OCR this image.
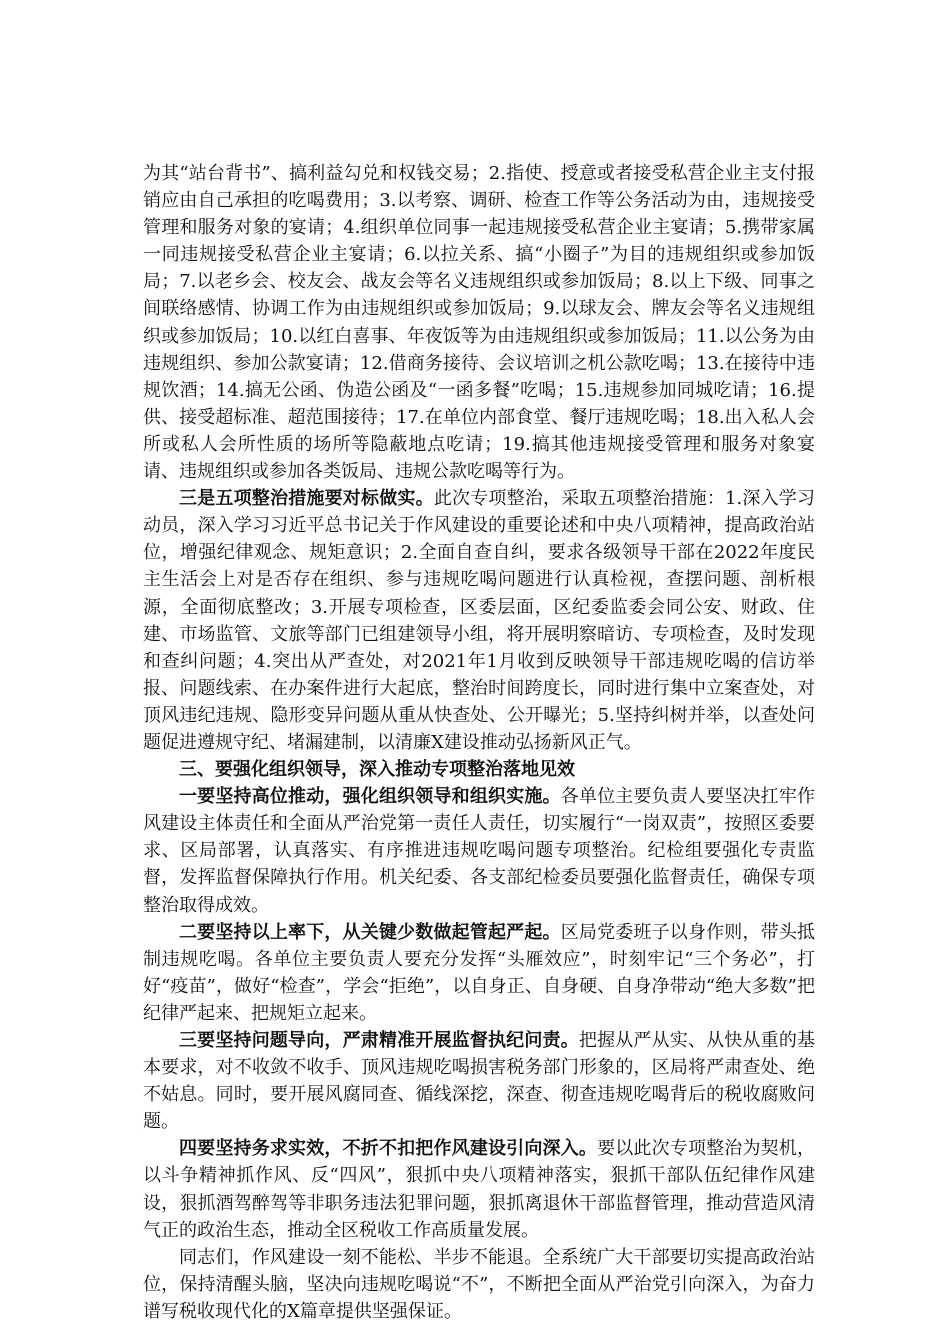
为其“站台背书”、搞利益勾兑和权钱交易；2.指使、授意或者接受私营企业主支付报销应由自己承担的吃喝费用；3.以考察、调研、检查工作等公务活动为由，违规接受管理和服务对象的宴请；4.组织单位同事一起违规接受私营企业主宴请；5.携带家属一同违规接受私营企业主宴请；6.以拉关系、搞“小圈子”为目的违规组织或参加饭局；7.以老乡会、校友会、战友会等名义违规组织或参加饭局；8.以上下级、同事之间联络感情、协调工作为由违规组织或参加饭局；9.以球友会、牌友会等名义违规组织或参加饭局；10.以红白喜事、年夜饭等为由违规组织或参加饭局；11.以公务为由违规组织、参加公款宴请；12.借商务接待、会议培训之机公款吃喝；13.在接待中违规饮酒；14.搞无公函、伪造公函及“一函多餐”吃喝；15.违规参加同城吃请；16.提供、接受超标准、超范围接待；17.在单位内部食堂、餐厅违规吃喝；18.出入私人会所或私人会所性质的场所等隐蔽地点吃请；19.搞其他违规接受管理和服务对象宴请、违规组织或参加各类饭局、违规公款吃喝等行为。

三是五项整治措施要对标做实。此次专项整治，采取五项整治措施：1.深入学习动员，深入学习习近平总书记关于作风建设的重要论述和中央八项精神，提高政治站位，增强纪律观念、规矩意识；2.全面自查自纠，要求各级领导干部在2022年度民主生活会上对是否存在组织、参与违规吃喝问题进行认真检视，查摆问题、剖析根源，全面彻底整改；3.开展专项检查，区委层面，区纪委监委会同公安、财政、住建、市场监管、文旅等部门已组建领导小组，将开展明察暗访、专项检查，及时发现和查纠问题；4.突出从严查处，对2021年1月收到反映领导干部违规吃喝的信访举报、问题线索、在办案件进行大起底，整治时间跨度长，同时进行集中立案查处，对顶风违纪违规、隐形变异问题从重从快查处、公开曝光；5.坚持纠树并举，以查处问题促进遵规守纪、堵漏建制，以清廉X建设推动弘扬新风正气。

三、要强化组织领导，深入推动专项整治落地见效

一要坚持高位推动，强化组织领导和组织实施。各单位主要负责人要坚决扛牢作风建设主体责任和全面从严治党第一责任人责任，切实履行“一岗双责”，按照区委要求、区局部署，认真落实、有序推进违规吃喝问题专项整治。纪检组要强化专责监督，发挥监督保障执行作用。机关纪委、各支部纪检委员要强化监督责任，确保专项整治取得成效。

二要坚持以上率下，从关键少数做起管起严起。区局党委班子以身作则，带头抵制违规吃喝。各单位主要负责人要充分发挥“头雁效应”，时刻牢记“三个务必”，打好“疫苗”，做好“检查”，学会“拒绝”，以自身正、自身硬、自身净带动“绝大多数”把纪律严起来、把规矩立起来。

三要坚持问题导向，严肃精准开展监督执纪问责。把握从严从实、从快从重的基本要求，对不收敛不收手、顶风违规吃喝损害税务部门形象的，区局将严肃查处、绝不姑息。同时，要开展风腐同查、循线深挖，深查、彻查违规吃喝背后的税收腐败问题。

四要坚持务求实效，不折不扣把作风建设引向深入。要以此次专项整治为契机，以斗争精神抓作风、反“四风”，狠抓中央八项精神落实，狠抓干部队伍纪律作风建设，狠抓酒驾醉驾等非职务违法犯罪问题，狠抓离退休干部监督管理，推动营造风清气正的政治生态，推动全区税收工作高质量发展。

同志们，作风建设一刻不能松、半步不能退。全系统广大干部要切实提高政治站位，保持清醒头脑，坚决向违规吃喝说“不”，不断把全面从严治党引向深入，为奋力谱写税收现代化的X篇章提供坚强保证。
